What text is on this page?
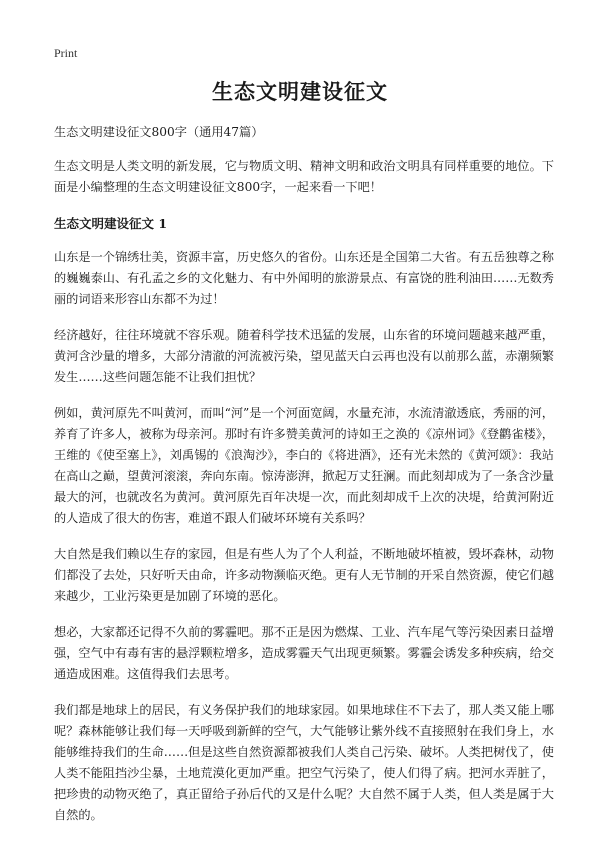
Print
生态文明建设征文

生态文明建设征文800字（通用47篇）

生态文明是人类文明的新发展，它与物质文明、精神文明和政治文明具有同样重要的地位。下面是小编整理的生态文明建设征文800字，一起来看一下吧！

生态文明建设征文 1

山东是一个锦绣壮美，资源丰富，历史悠久的省份。山东还是全国第二大省。有五岳独尊之称的巍巍泰山、有孔孟之乡的文化魅力、有中外闻明的旅游景点、有富饶的胜利油田……无数秀丽的词语来形容山东都不为过！

经济越好，往往环境就不容乐观。随着科学技术迅猛的发展，山东省的环境问题越来越严重，黄河含沙量的增多，大部分清澈的河流被污染，望见蓝天白云再也没有以前那么蓝，赤潮频繁发生……这些问题怎能不让我们担忧？

例如，黄河原先不叫黄河，而叫“河”是一个河面宽阔，水量充沛，水流清澈透底，秀丽的河，养育了许多人，被称为母亲河。那时有许多赞美黄河的诗如王之涣的《凉州词》《登鹳雀楼》，王维的《使至塞上》，刘禹锡的《浪淘沙》，李白的《将进酒》，还有光未然的《黄河颂》：我站在高山之巅，望黄河滚滚，奔向东南。惊涛澎湃，掀起万丈狂澜。而此刻却成为了一条含沙量最大的河，也就改名为黄河。黄河原先百年决堤一次，而此刻却成千上次的决堤，给黄河附近的人造成了很大的伤害，难道不跟人们破坏环境有关系吗？

大自然是我们赖以生存的家园，但是有些人为了个人利益，不断地破坏植被，毁坏森林，动物们都没了去处，只好听天由命，许多动物濒临灭绝。更有人无节制的开采自然资源，使它们越来越少，工业污染更是加剧了环境的恶化。

想必，大家都还记得不久前的雾霾吧。那不正是因为燃煤、工业、汽车尾气等污染因素日益增强，空气中有毒有害的悬浮颗粒增多，造成雾霾天气出现更频繁。雾霾会诱发多种疾病，给交通造成困难。这值得我们去思考。

我们都是地球上的居民，有义务保护我们的地球家园。如果地球住不下去了，那人类又能上哪呢？森林能够让我们每一天呼吸到新鲜的空气，大气能够让紫外线不直接照射在我们身上，水能够维持我们的生命……但是这些自然资源都被我们人类自己污染、破坏。人类把树伐了，使人类不能阻挡沙尘暴，土地荒漠化更加严重。把空气污染了，使人们得了病。把河水弄脏了，把珍贵的动物灭绝了，真正留给子孙后代的又是什么呢？大自然不属于人类，但人类是属于大自然的。
